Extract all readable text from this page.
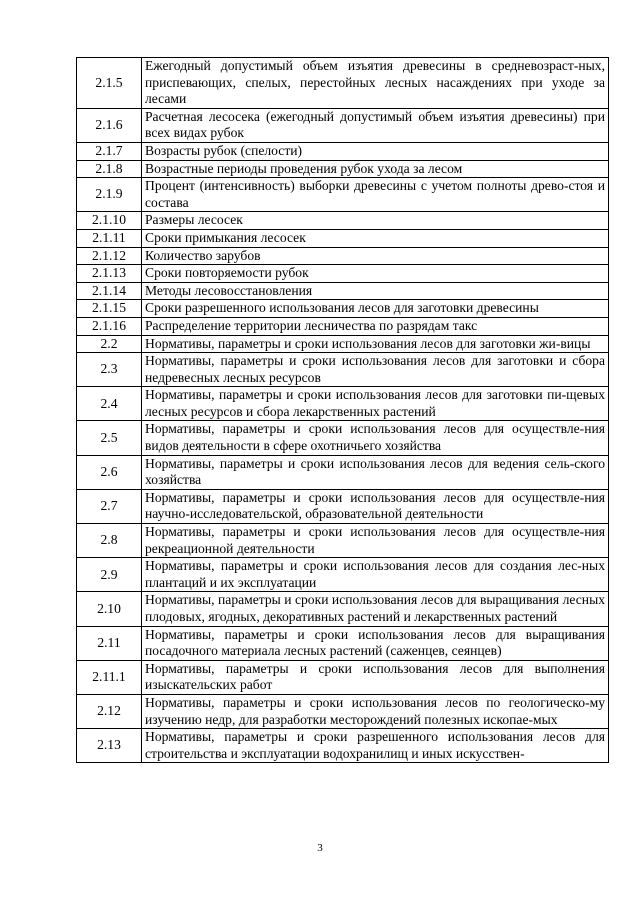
2.1.5	Ежегодный допустимый объем изъятия древесины в средневозраст-ных, приспевающих, спелых, перестойных лесных насаждениях при уходе за лесами
2.1.6	Расчетная лесосека (ежегодный допустимый объем изъятия древесины) при всех видах рубок
2.1.7	Возрасты рубок (спелости)
2.1.8	Возрастные периоды проведения рубок ухода за лесом
2.1.9	Процент (интенсивность) выборки древесины с учетом полноты древо-стоя и состава
2.1.10	Размеры лесосек
2.1.11	Сроки примыкания лесосек
2.1.12	Количество зарубов
2.1.13	Сроки повторяемости рубок
2.1.14	Методы лесовосстановления
2.1.15	Сроки разрешенного использования лесов для заготовки древесины
2.1.16	Распределение территории лесничества по разрядам такс
2.2	Нормативы, параметры и сроки использования лесов для заготовки жи-вицы
2.3	Нормативы, параметры и сроки использования лесов для заготовки и сбора недревесных лесных ресурсов
2.4	Нормативы, параметры и сроки использования лесов для заготовки пи-щевых лесных ресурсов и сбора лекарственных растений
2.5	Нормативы, параметры и сроки использования лесов для осуществле-ния видов деятельности в сфере охотничьего хозяйства
2.6	Нормативы, параметры и сроки использования лесов для ведения сель-ского хозяйства
2.7	Нормативы, параметры и сроки использования лесов для осуществле-ния научно-исследовательской, образовательной деятельности
2.8	Нормативы, параметры и сроки использования лесов для осуществле-ния рекреационной деятельности
2.9	Нормативы, параметры и сроки использования лесов для создания лес-ных плантаций и их эксплуатации
2.10	Нормативы, параметры и сроки использования лесов для выращивания лесных плодовых, ягодных, декоративных растений и лекарственных растений
2.11	Нормативы, параметры и сроки использования лесов для выращивания посадочного материала лесных растений (саженцев, сеянцев)
2.11.1	Нормативы, параметры и сроки использования лесов для выполнения изыскательских работ
2.12	Нормативы, параметры и сроки использования лесов по геологическо-му изучению недр, для разработки месторождений полезных ископае-мых
2.13	Нормативы, параметры и сроки разрешенного использования лесов для строительства и эксплуатации водохранилищ и иных искусствен-
3
